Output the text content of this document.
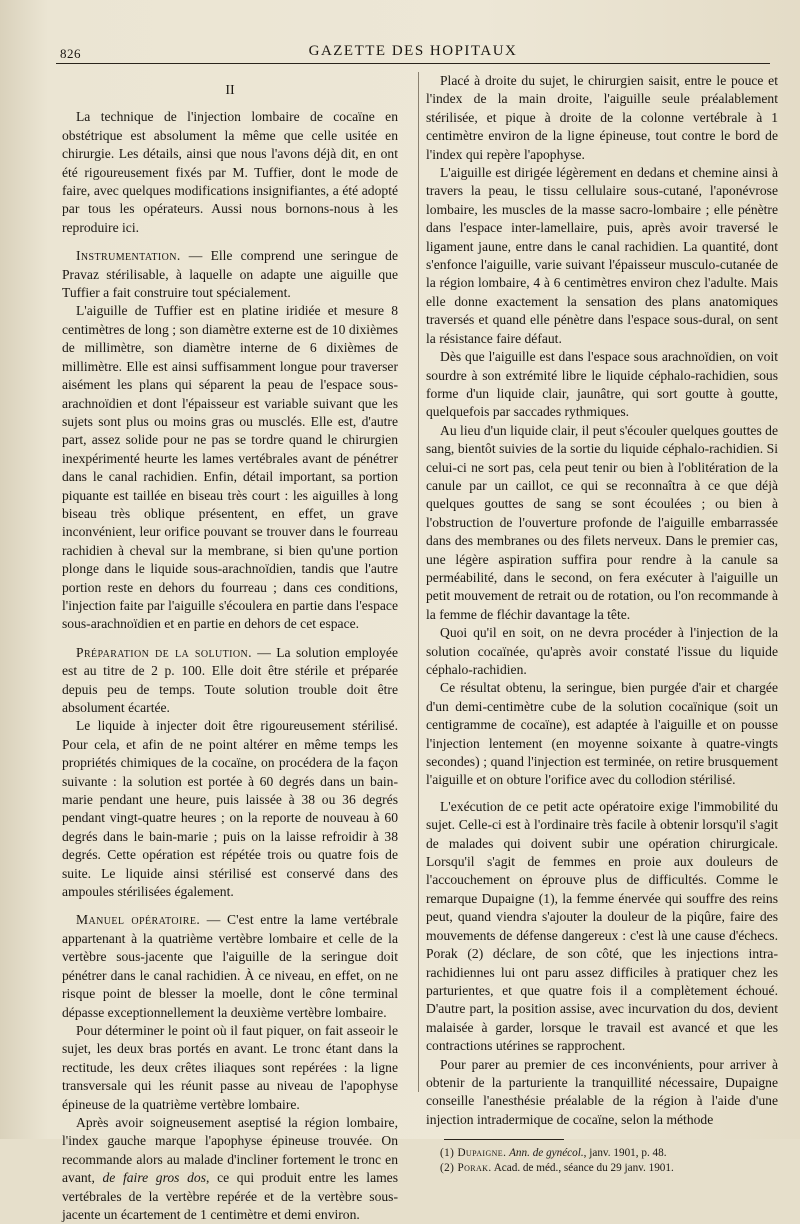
826	GAZETTE DES HOPITAUX
II

La technique de l'injection lombaire de cocaïne en obstétrique est absolument la même que celle usitée en chirurgie. Les détails, ainsi que nous l'avons déjà dit, en ont été rigoureusement fixés par M. Tuffier, dont le mode de faire, avec quelques modifications insignifiantes, a été adopté par tous les opérateurs. Aussi nous bornons-nous à les reproduire ici.

Instrumentation. — Elle comprend une seringue de Pravaz stérilisable, à laquelle on adapte une aiguille que Tuffier a fait construire tout spécialement.

L'aiguille de Tuffier est en platine iridiée et mesure 8 centimètres de long ; son diamètre externe est de 10 dixièmes de millimètre, son diamètre interne de 6 dixièmes de millimètre. Elle est ainsi suffisamment longue pour traverser aisément les plans qui séparent la peau de l'espace sous-arachnoïdien et dont l'épaisseur est variable suivant que les sujets sont plus ou moins gras ou musclés. Elle est, d'autre part, assez solide pour ne pas se tordre quand le chirurgien inexpérimenté heurte les lames vertébrales avant de pénétrer dans le canal rachidien. Enfin, détail important, sa portion piquante est taillée en biseau très court : les aiguilles à long biseau très oblique présentent, en effet, un grave inconvénient, leur orifice pouvant se trouver dans le fourreau rachidien à cheval sur la membrane, si bien qu'une portion plonge dans le liquide sous-arachnoïdien, tandis que l'autre portion reste en dehors du fourreau ; dans ces conditions, l'injection faite par l'aiguille s'écoulera en partie dans l'espace sous-arachnoïdien et en partie en dehors de cet espace.

Préparation de la solution. — La solution employée est au titre de 2 p. 100. Elle doit être stérile et préparée depuis peu de temps. Toute solution trouble doit être absolument écartée.

Le liquide à injecter doit être rigoureusement stérilisé. Pour cela, et afin de ne point altérer en même temps les propriétés chimiques de la cocaïne, on procédera de la façon suivante : la solution est portée à 60 degrés dans un bain-marie pendant une heure, puis laissée à 38 ou 36 degrés pendant vingt-quatre heures ; on la reporte de nouveau à 60 degrés dans le bain-marie ; puis on la laisse refroidir à 38 degrés. Cette opération est répétée trois ou quatre fois de suite. Le liquide ainsi stérilisé est conservé dans des ampoules stérilisées également.

Manuel opératoire. — C'est entre la lame vertébrale appartenant à la quatrième vertèbre lombaire et celle de la vertèbre sous-jacente que l'aiguille de la seringue doit pénétrer dans le canal rachidien. À ce niveau, en effet, on ne risque point de blesser la moelle, dont le cône terminal dépasse exceptionnellement la deuxième vertèbre lombaire.

Pour déterminer le point où il faut piquer, on fait asseoir le sujet, les deux bras portés en avant. Le tronc étant dans la rectitude, les deux crêtes iliaques sont repérées : la ligne transversale qui les réunit passe au niveau de l'apophyse épineuse de la quatrième vertèbre lombaire.

Après avoir soigneusement aseptisé la région lombaire, l'index gauche marque l'apophyse épineuse trouvée. On recommande alors au malade d'incliner fortement le tronc en avant, de faire gros dos, ce qui produit entre les lames vertébrales de la vertèbre repérée et de la vertèbre sous-jacente un écartement de 1 centimètre et demi environ.

Placé à droite du sujet, le chirurgien saisit, entre le pouce et l'index de la main droite, l'aiguille seule préalablement stérilisée, et pique à droite de la colonne vertébrale à 1 centimètre environ de la ligne épineuse, tout contre le bord de l'index qui repère l'apophyse.

L'aiguille est dirigée légèrement en dedans et chemine ainsi à travers la peau, le tissu cellulaire sous-cutané, l'aponévrose lombaire, les muscles de la masse sacro-lombaire ; elle pénètre dans l'espace inter-lamellaire, puis, après avoir traversé le ligament jaune, entre dans le canal rachidien. La quantité, dont s'enfonce l'aiguille, varie suivant l'épaisseur musculo-cutanée de la région lombaire, 4 à 6 centimètres environ chez l'adulte. Mais elle donne exactement la sensation des plans anatomiques traversés et quand elle pénètre dans l'espace sous-dural, on sent la résistance faire défaut.

Dès que l'aiguille est dans l'espace sous arachnoïdien, on voit sourdre à son extrémité libre le liquide céphalo-rachidien, sous forme d'un liquide clair, jaunâtre, qui sort goutte à goutte, quelquefois par saccades rythmiques.

Au lieu d'un liquide clair, il peut s'écouler quelques gouttes de sang, bientôt suivies de la sortie du liquide céphalo-rachidien. Si celui-ci ne sort pas, cela peut tenir ou bien à l'oblitération de la canule par un caillot, ce qui se reconnaîtra à ce que déjà quelques gouttes de sang se sont écoulées ; ou bien à l'obstruction de l'ouverture profonde de l'aiguille embarrassée dans des membranes ou des filets nerveux. Dans le premier cas, une légère aspiration suffira pour rendre à la canule sa perméabilité, dans le second, on fera exécuter à l'aiguille un petit mouvement de retrait ou de rotation, ou l'on recommande à la femme de fléchir davantage la tête.

Quoi qu'il en soit, on ne devra procéder à l'injection de la solution cocaïnée, qu'après avoir constaté l'issue du liquide céphalo-rachidien.

Ce résultat obtenu, la seringue, bien purgée d'air et chargée d'un demi-centimètre cube de la solution cocaïnique (soit un centigramme de cocaïne), est adaptée à l'aiguille et on pousse l'injection lentement (en moyenne soixante à quatre-vingts secondes) ; quand l'injection est terminée, on retire brusquement l'aiguille et on obture l'orifice avec du collodion stérilisé.

L'exécution de ce petit acte opératoire exige l'immobilité du sujet. Celle-ci est à l'ordinaire très facile à obtenir lorsqu'il s'agit de malades qui doivent subir une opération chirurgicale. Lorsqu'il s'agit de femmes en proie aux douleurs de l'accouchement on éprouve plus de difficultés. Comme le remarque Dupaigne (1), la femme énervée qui souffre des reins peut, quand viendra s'ajouter la douleur de la piqûre, faire des mouvements de défense dangereux : c'est là une cause d'échecs. Porak (2) déclare, de son côté, que les injections intra-rachidiennes lui ont paru assez difficiles à pratiquer chez les parturientes, et que quatre fois il a complètement échoué. D'autre part, la position assise, avec incurvation du dos, devient malaisée à garder, lorsque le travail est avancé et que les contractions utérines se rapprochent.

Pour parer au premier de ces inconvénients, pour arriver à obtenir de la parturiente la tranquillité nécessaire, Dupaigne conseille l'anesthésie préalable de la région à l'aide d'une injection intradermique de cocaïne, selon la méthode

(1) Dupaigne. Ann. de gynécol., janv. 1901, p. 48.

(2) Porak. Acad. de méd., séance du 29 janv. 1901.
